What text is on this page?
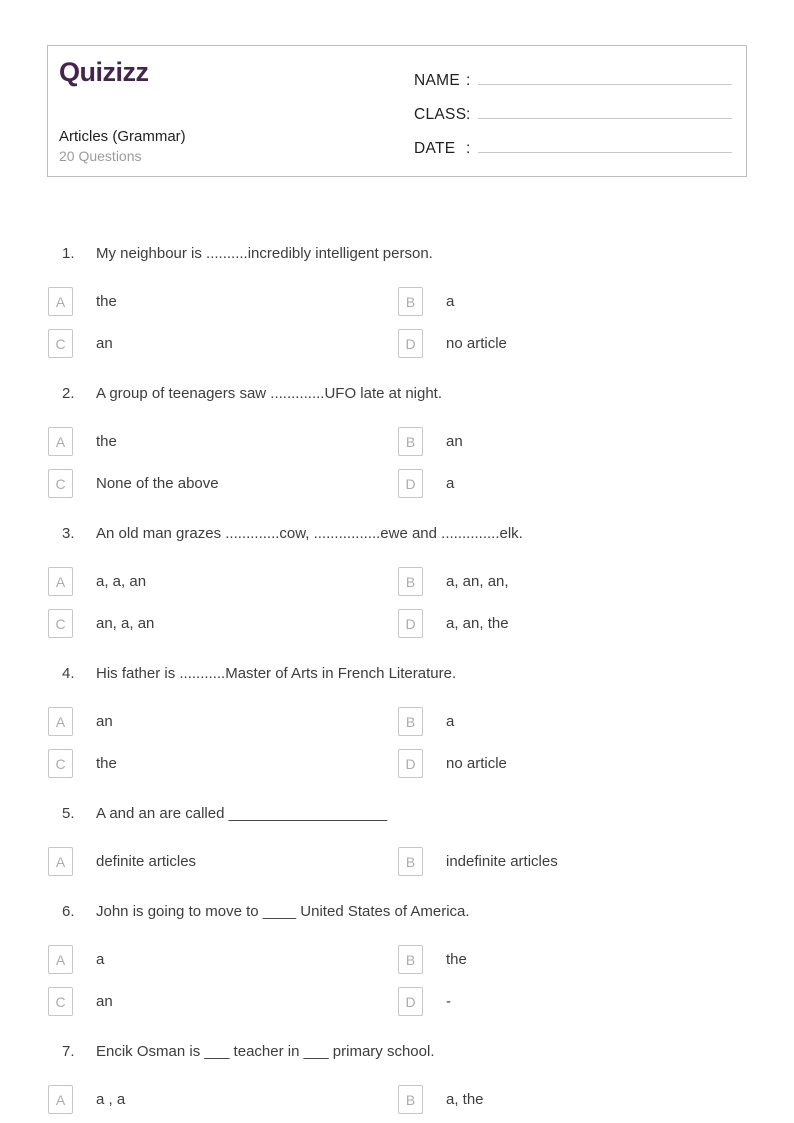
Quizizz
Articles (Grammar)
20 Questions
NAME :
CLASS :
DATE :
1.	My neighbour is ..........incredibly intelligent person.
A	the	B	a
C	an	D	no article
2.	A group of teenagers saw .............UFO late at night.
A	the	B	an
C	None of the above	D	a
3.	An old man grazes .............cow, ................ewe and ..............elk.
A	a, a, an	B	a, an, an,
C	an, a, an	D	a, an, the
4.	His father is ...........Master of Arts in French Literature.
A	an	B	a
C	the	D	no article
5.	A and an are called ___________________
A	definite articles	B	indefinite articles
6.	John is going to move to ____ United States of America.
A	a	B	the
C	an	D	-
7.	Encik Osman is ___ teacher in ___ primary school.
A	a , a	B	a, the
